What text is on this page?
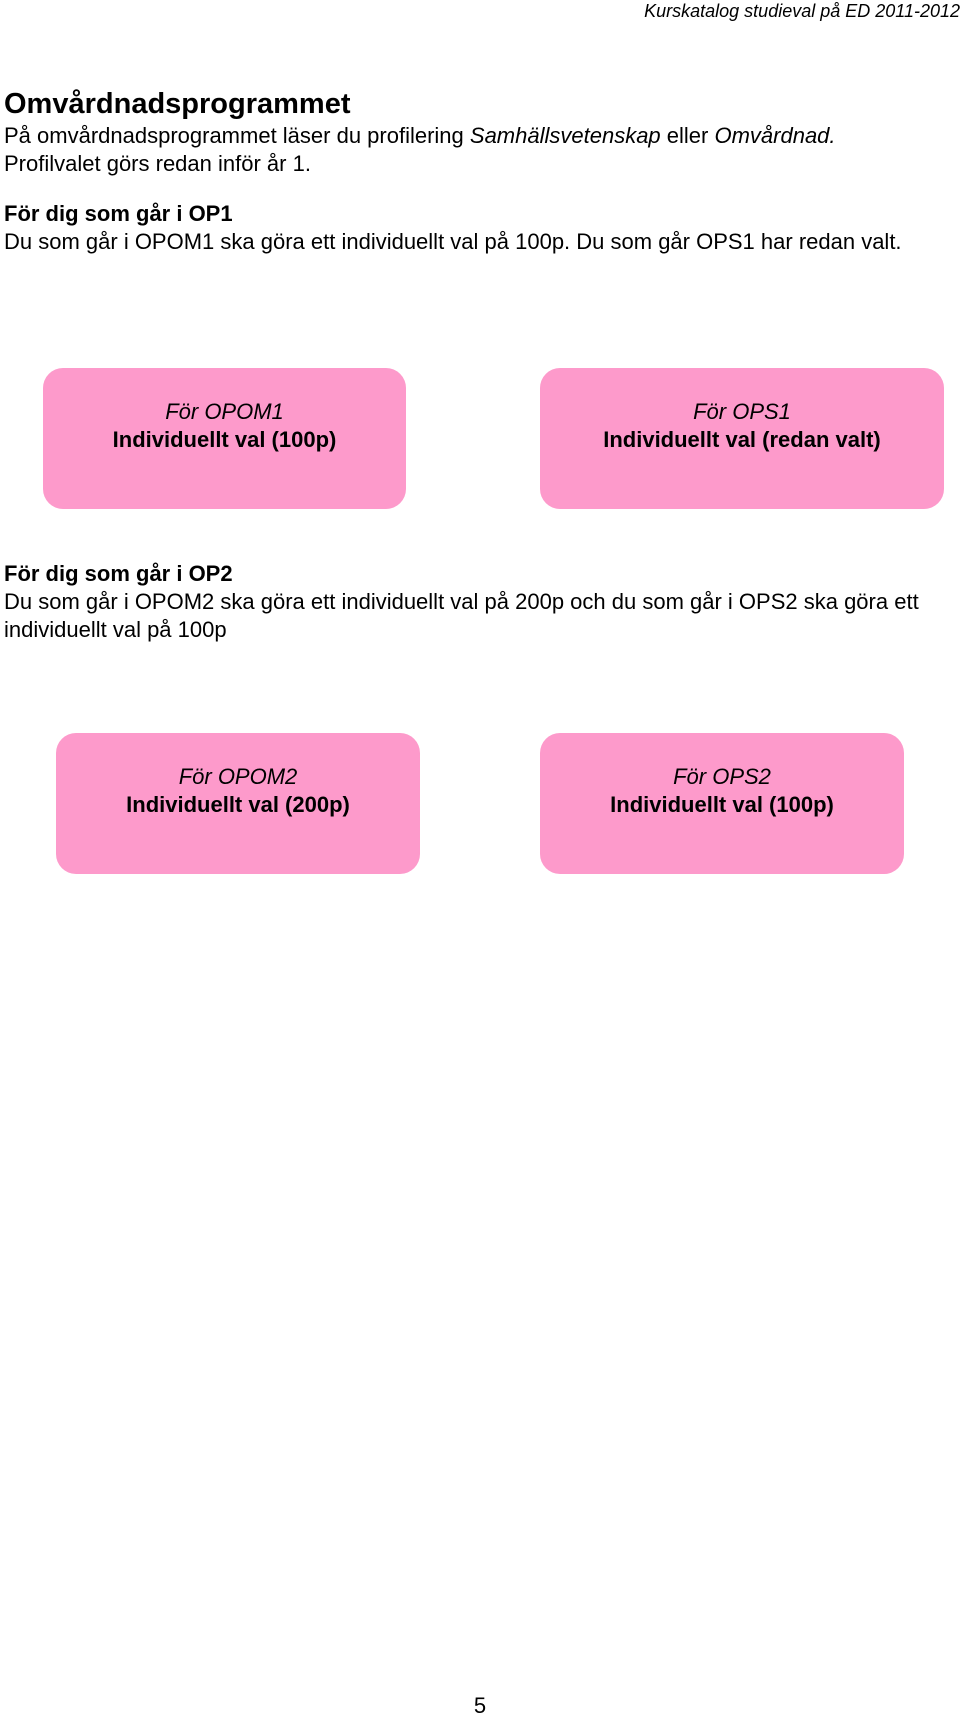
Kurskatalog studieval på ED 2011-2012
Omvårdnadsprogrammet

På omvårdnadsprogrammet läser du profilering Samhällsvetenskap eller Omvårdnad.
Profilvalet görs redan inför år 1.

För dig som går i OP1

Du som går i OPOM1 ska göra ett individuellt val på 100p. Du som går OPS1 har redan valt.

För OPOM1
Individuellt val (100p)
För OPS1
Individuellt val (redan valt)
För dig som går i OP2

Du som går i OPOM2 ska göra ett individuellt val på 200p och du som går i OPS2 ska göra ett individuellt val på 100p

För OPOM2
Individuellt val (200p)
För OPS2
Individuellt val (100p)
5
